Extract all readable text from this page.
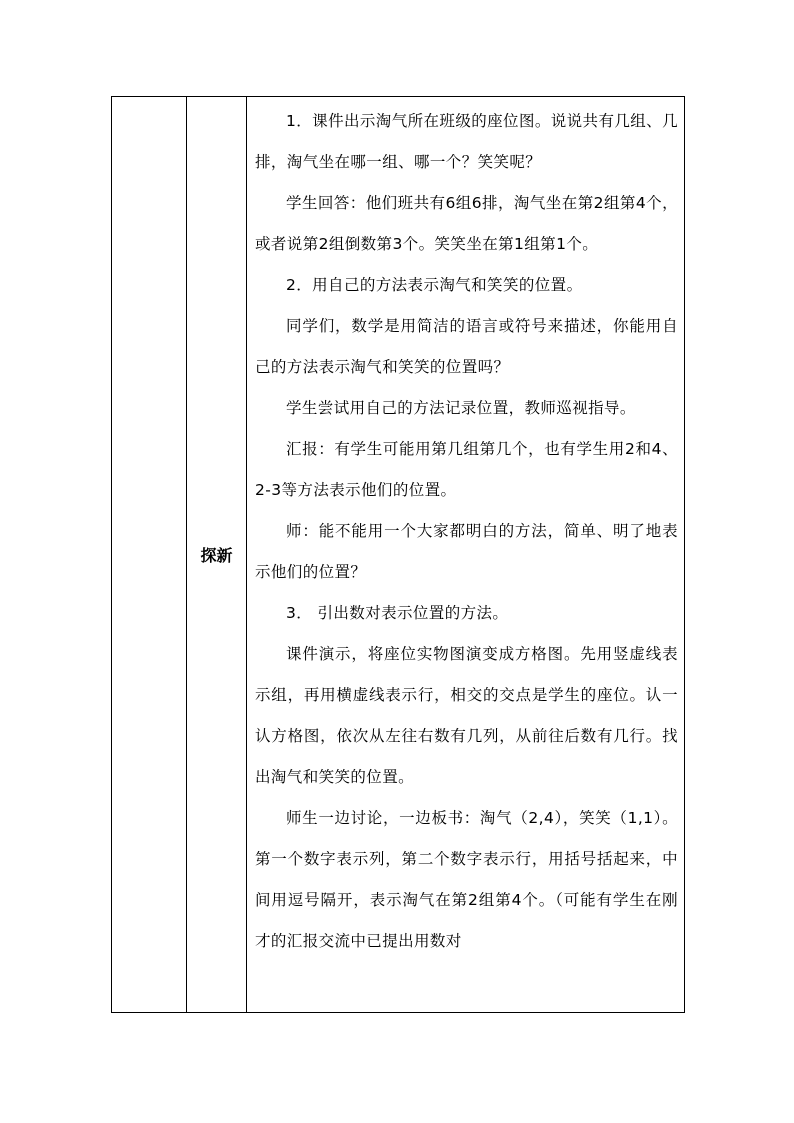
	探新	

1．课件出示淘气所在班级的座位图。说说共有几组、几排，淘气坐在哪一组、哪一个？笑笑呢？

学生回答：他们班共有6组6排，淘气坐在第2组第4个，或者说第2组倒数第3个。笑笑坐在第1组第1个。

2．用自己的方法表示淘气和笑笑的位置。

同学们，数学是用简洁的语言或符号来描述，你能用自己的方法表示淘气和笑笑的位置吗？

学生尝试用自己的方法记录位置，教师巡视指导。

汇报：有学生可能用第几组第几个，也有学生用2和4、2-3等方法表示他们的位置。

师：能不能用一个大家都明白的方法，简单、明了地表示他们的位置？

3． 引出数对表示位置的方法。

课件演示，将座位实物图演变成方格图。先用竖虚线表示组，再用横虚线表示行，相交的交点是学生的座位。认一认方格图，依次从左往右数有几列，从前往后数有几行。找出淘气和笑笑的位置。

师生一边讨论，一边板书：淘气（2,4），笑笑（1,1）。第一个数字表示列，第二个数字表示行，用括号括起来，中间用逗号隔开，表示淘气在第2组第4个。（可能有学生在刚才的汇报交流中已提出用数对
